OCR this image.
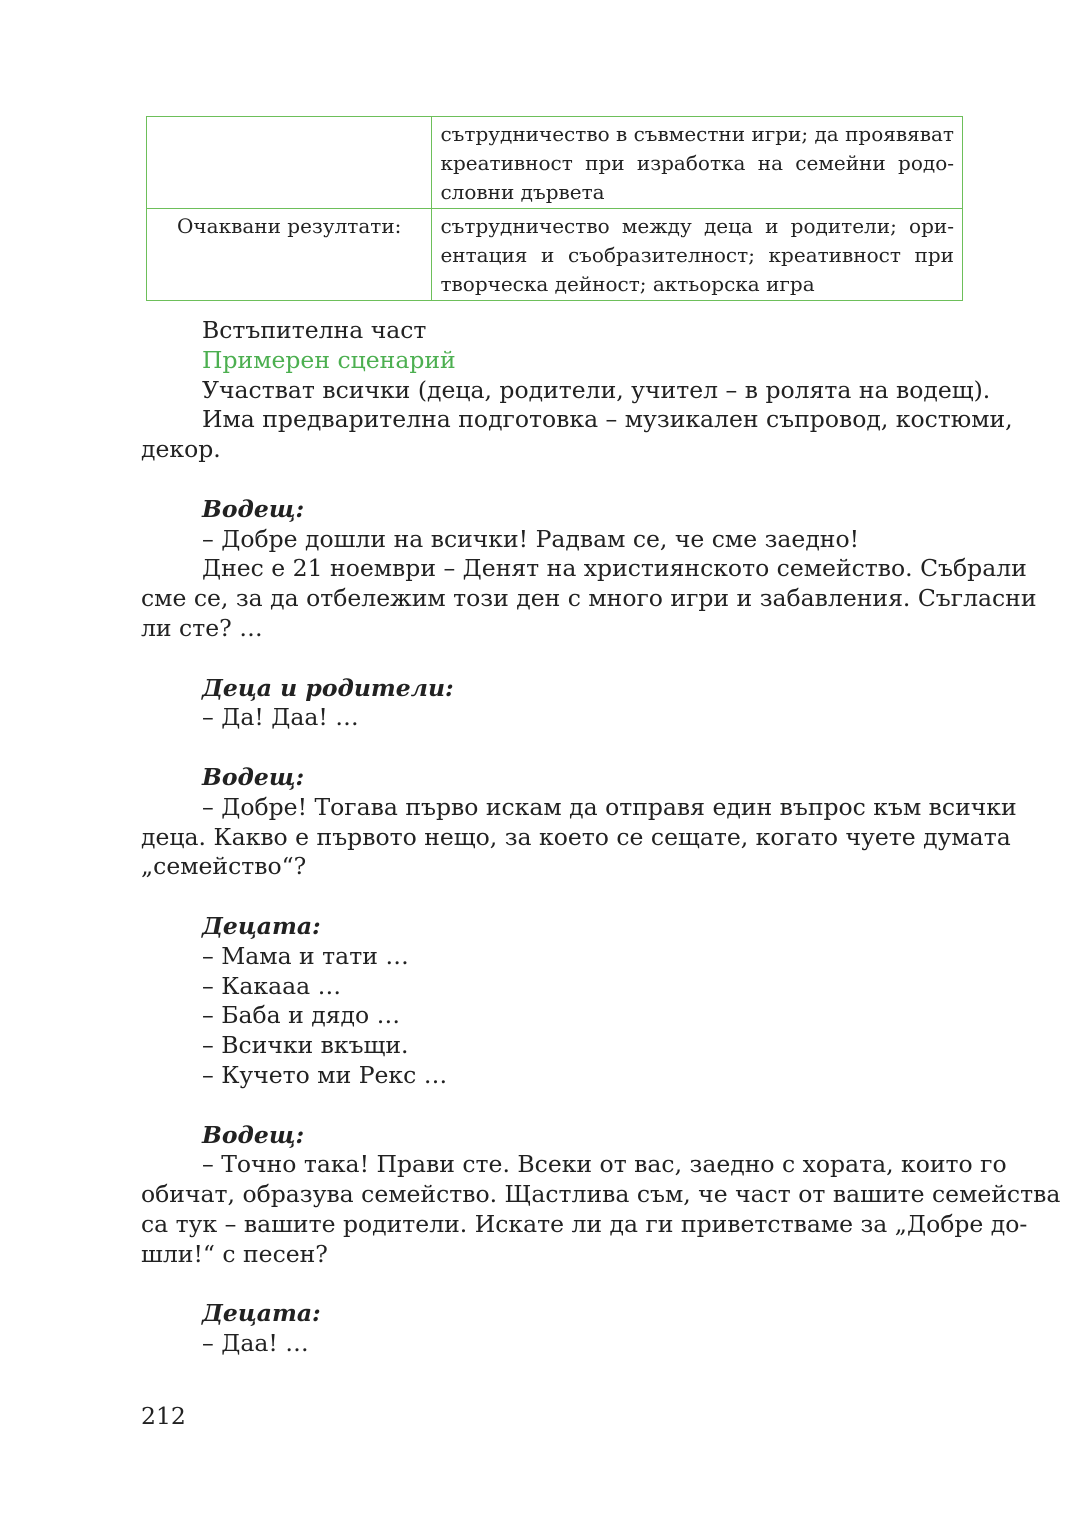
	сътрудничество в съвместни игри; да проявяват
креативност при изработка на семейни родо-
словни дървета

Очаквани резултати:	сътрудничество между деца и родители; ори-
ентация и съобразителност; креативност при
творческа дейност; актьорска игра
Встъпителна част
Примерен сценарий
Участват всички (деца, родители, учител – в ролята на водещ).
Има предварителна подготовка – музикален съпровод, костюми,
декор.
Водещ:
– Добре дошли на всички! Радвам се, че сме заедно!
Днес е 21 ноември – Денят на християнското семейство. Събрали
сме се, за да отбележим този ден с много игри и забавления. Съгласни
ли сте? …
Деца и родители:
– Да! Даа! …
Водещ:
– Добре! Тогава първо искам да отправя един въпрос към всички
деца. Какво е първото нещо, за което се сещате, когато чуете думата
„семейство“?
Децата:
– Мама и тати …
– Какааа …
– Баба и дядо …
– Всички вкъщи.
– Кучето ми Рекс …
Водещ:
– Точно така! Прави сте. Всеки от вас, заедно с хората, които го
обичат, образува семейство. Щастлива съм, че част от вашите семейства
са тук – вашите родители. Искате ли да ги приветстваме за „Добре до-
шли!“ с песен?
Децата:
– Даа! …
212
